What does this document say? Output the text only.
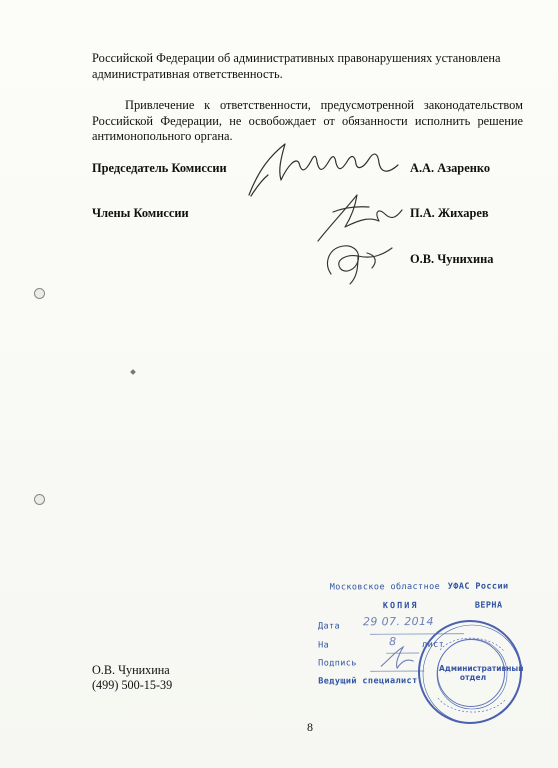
Российской Федерации об административных правонарушениях установлена
административная ответственность.
Привлечение к ответственности, предусмотренной законодательством Российской Федерации, не освобождает от обязанности исполнить решение антимонопольного органа.
Председатель Комиссии	А.А. Азаренко
Члены Комиссии	П.А. Жихарев
О.В. Чунихина
О.В. Чунихина
(499) 500-15-39
8
Московское областное УФАС России
КОПИЯ	ВЕРНА
Дата 29 07. 2014
На	8	лист
Подпись
Ведущий специалист
Административный отдел
